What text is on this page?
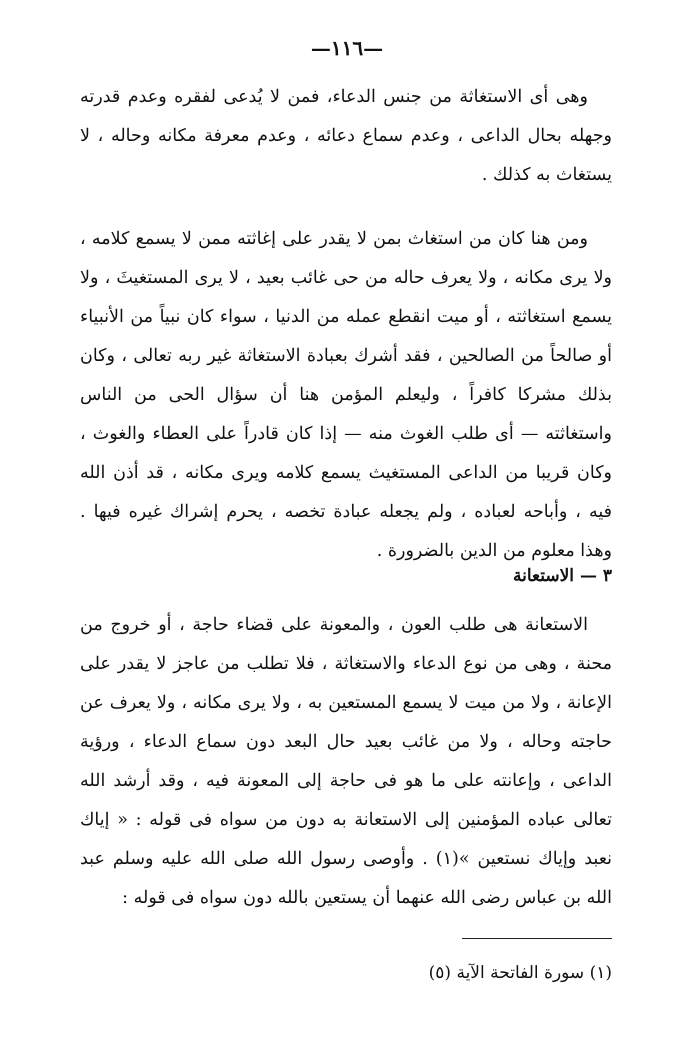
—١١٦—

وهى أى الاستغاثة من جنس الدعاء، فمن لا يُدعى لفقره وعدم قدرته وجهله بحال الداعى ، وعدم سماع دعائه ، وعدم معرفة مكانه وحاله ، لا يستغاث به كذلك .

ومن هنا كان من استغاث بمن لا يقدر على إغاثته ممن لا يسمع كلامه ، ولا يرى مكانه ، ولا يعرف حاله من حى غائب بعيد ، لا يرى المستغيثَ ، ولا يسمع استغاثته ، أو ميت انقطع عمله من الدنيا ، سواء كان نبياً من الأنبياء أو صالحاً من الصالحين ، فقد أشرك بعبادة الاستغاثة غير ربه تعالى ، وكان بذلك مشركا كافراً ، وليعلم المؤمن هنا أن سؤال الحى من الناس واستغاثته — أى طلب الغوث منه — إذا كان قادراً على العطاء والغوث ، وكان قريبا من الداعى المستغيث يسمع كلامه ويرى مكانه ، قد أذن الله فيه ، وأباحه لعباده ، ولم يجعله عبادة تخصه ، يحرم إشراك غيره فيها . وهذا معلوم من الدين بالضرورة .

٣ — الاستعانة

الاستعانة هى طلب العون ، والمعونة على قضاء حاجة ، أو خروج من محنة ، وهى من نوع الدعاء والاستغاثة ، فلا تطلب من عاجز لا يقدر على الإعانة ، ولا من ميت لا يسمع المستعين به ، ولا يرى مكانه ، ولا يعرف عن حاجته وحاله ، ولا من غائب بعيد حال البعد دون سماع الدعاء ، ورؤية الداعى ، وإعانته على ما هو فى حاجة إلى المعونة فيه ، وقد أرشد الله تعالى عباده المؤمنين إلى الاستعانة به دون من سواه فى قوله : « إياك نعبد وإياك نستعين »(١) . وأوصى رسول الله صلى الله عليه وسلم عبد الله بن عباس رضى الله عنهما أن يستعين بالله دون سواه فى قوله :

(١) سورة الفاتحة الآية (٥)
